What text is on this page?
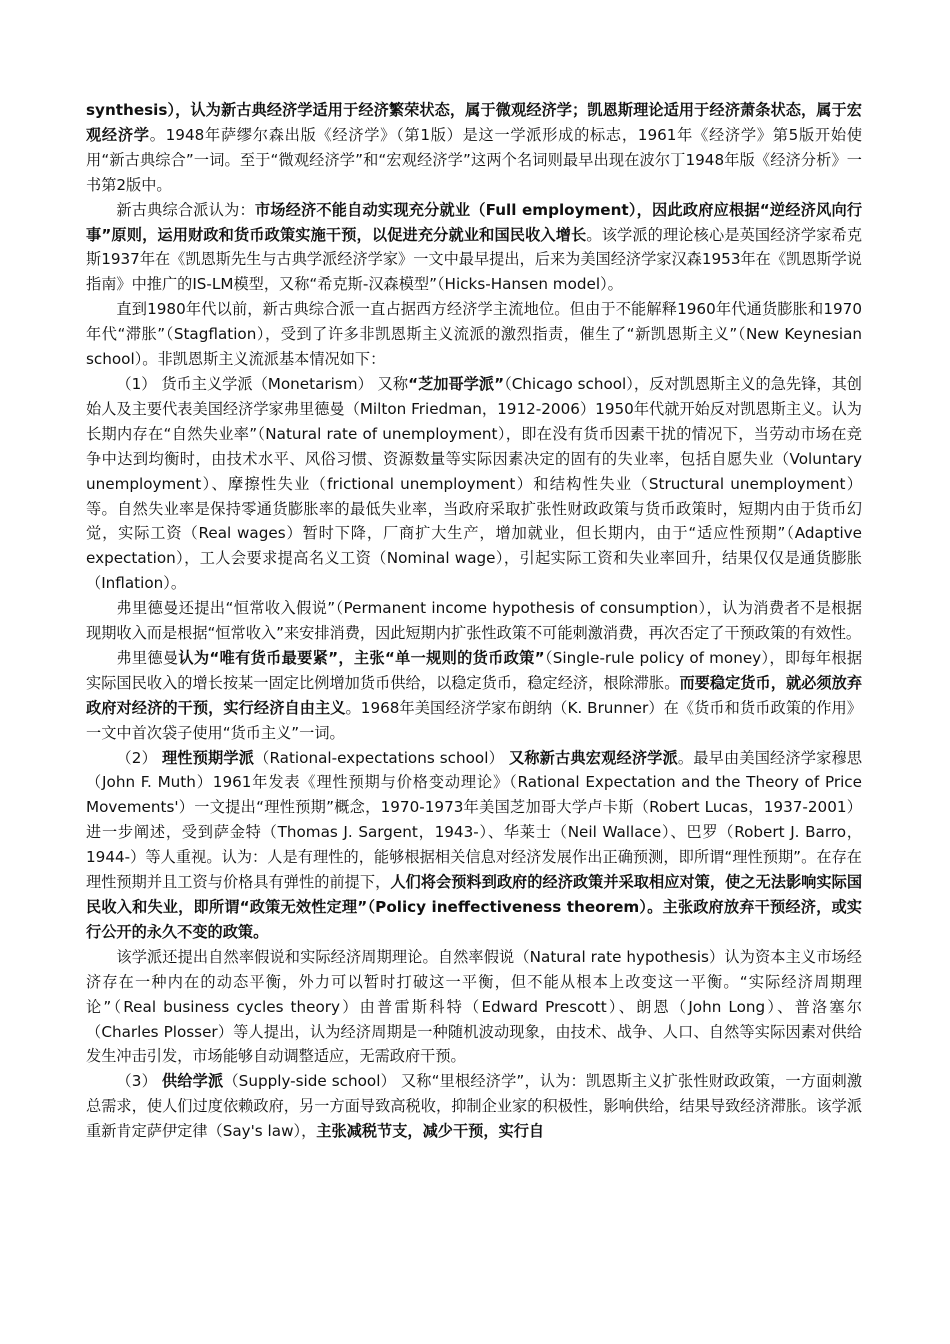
synthesis），认为新古典经济学适用于经济繁荣状态，属于微观经济学；凯恩斯理论适用于经济萧条状态，属于宏观经济学。1948年萨缪尔森出版《经济学》（第1版）是这一学派形成的标志，1961年《经济学》第5版开始使用“新古典综合”一词。至于“微观经济学”和“宏观经济学”这两个名词则最早出现在波尔丁1948年版《经济分析》一书第2版中。

新古典综合派认为：市场经济不能自动实现充分就业（Full employment），因此政府应根据“逆经济风向行事”原则，运用财政和货币政策实施干预，以促进充分就业和国民收入增长。该学派的理论核心是英国经济学家希克斯1937年在《凯恩斯先生与古典学派经济学家》一文中最早提出，后来为美国经济学家汉森1953年在《凯恩斯学说指南》中推广的IS-LM模型，又称“希克斯-汉森模型”（Hicks-Hansen model）。

直到1980年代以前，新古典综合派一直占据西方经济学主流地位。但由于不能解释1960年代通货膨胀和1970年代“滞胀”（Stagflation），受到了许多非凯恩斯主义流派的激烈指责，催生了“新凯恩斯主义”（New Keynesian school）。非凯恩斯主义流派基本情况如下：

（1） 货币主义学派（Monetarism） 又称“芝加哥学派”（Chicago school），反对凯恩斯主义的急先锋，其创始人及主要代表美国经济学家弗里德曼（Milton Friedman，1912-2006）1950年代就开始反对凯恩斯主义。认为长期内存在“自然失业率”（Natural rate of unemployment），即在没有货币因素干扰的情况下，当劳动市场在竞争中达到均衡时，由技术水平、风俗习惯、资源数量等实际因素决定的固有的失业率，包括自愿失业（Voluntary unemployment）、摩擦性失业（frictional unemployment）和结构性失业（Structural unemployment）等。自然失业率是保持零通货膨胀率的最低失业率，当政府采取扩张性财政政策与货币政策时，短期内由于货币幻觉，实际工资（Real wages）暂时下降，厂商扩大生产，增加就业，但长期内，由于“适应性预期”（Adaptive expectation），工人会要求提高名义工资（Nominal wage），引起实际工资和失业率回升，结果仅仅是通货膨胀（Inflation）。

弗里德曼还提出“恒常收入假说”（Permanent income hypothesis of consumption），认为消费者不是根据现期收入而是根据“恒常收入”来安排消费，因此短期内扩张性政策不可能刺激消费，再次否定了干预政策的有效性。

弗里德曼认为“唯有货币最要紧”，主张“单一规则的货币政策”（Single-rule policy of money），即每年根据实际国民收入的增长按某一固定比例增加货币供给，以稳定货币，稳定经济，根除滞胀。而要稳定货币，就必须放弃政府对经济的干预，实行经济自由主义。1968年美国经济学家布朗纳（K. Brunner）在《货币和货币政策的作用》一文中首次袋子使用“货币主义”一词。

（2） 理性预期学派（Rational-expectations school） 又称新古典宏观经济学派。最早由美国经济学家穆思（John F. Muth）1961年发表《理性预期与价格变动理论》（Rational Expectation and the Theory of Price Movements'）一文提出“理性预期”概念，1970-1973年美国芝加哥大学卢卡斯（Robert Lucas，1937-2001）进一步阐述，受到萨金特（Thomas J. Sargent，1943-）、华莱士（Neil Wallace）、巴罗（Robert J. Barro，1944-）等人重视。认为：人是有理性的，能够根据相关信息对经济发展作出正确预测，即所谓“理性预期”。在存在理性预期并且工资与价格具有弹性的前提下，人们将会预料到政府的经济政策并采取相应对策，使之无法影响实际国民收入和失业，即所谓“政策无效性定理”（Policy ineffectiveness theorem）。主张政府放弃干预经济，或实行公开的永久不变的政策。

该学派还提出自然率假说和实际经济周期理论。自然率假说（Natural rate hypothesis）认为资本主义市场经济存在一种内在的动态平衡，外力可以暂时打破这一平衡，但不能从根本上改变这一平衡。“实际经济周期理论”（Real business cycles theory）由普雷斯科特（Edward Prescott）、朗恩（John Long）、普洛塞尔（Charles Plosser）等人提出，认为经济周期是一种随机波动现象，由技术、战争、人口、自然等实际因素对供给发生冲击引发，市场能够自动调整适应，无需政府干预。

（3） 供给学派（Supply-side school） 又称“里根经济学”，认为：凯恩斯主义扩张性财政政策，一方面刺激总需求，使人们过度依赖政府，另一方面导致高税收，抑制企业家的积极性，影响供给，结果导致经济滞胀。该学派重新肯定萨伊定律（Say's law），主张减税节支，减少干预，实行自
